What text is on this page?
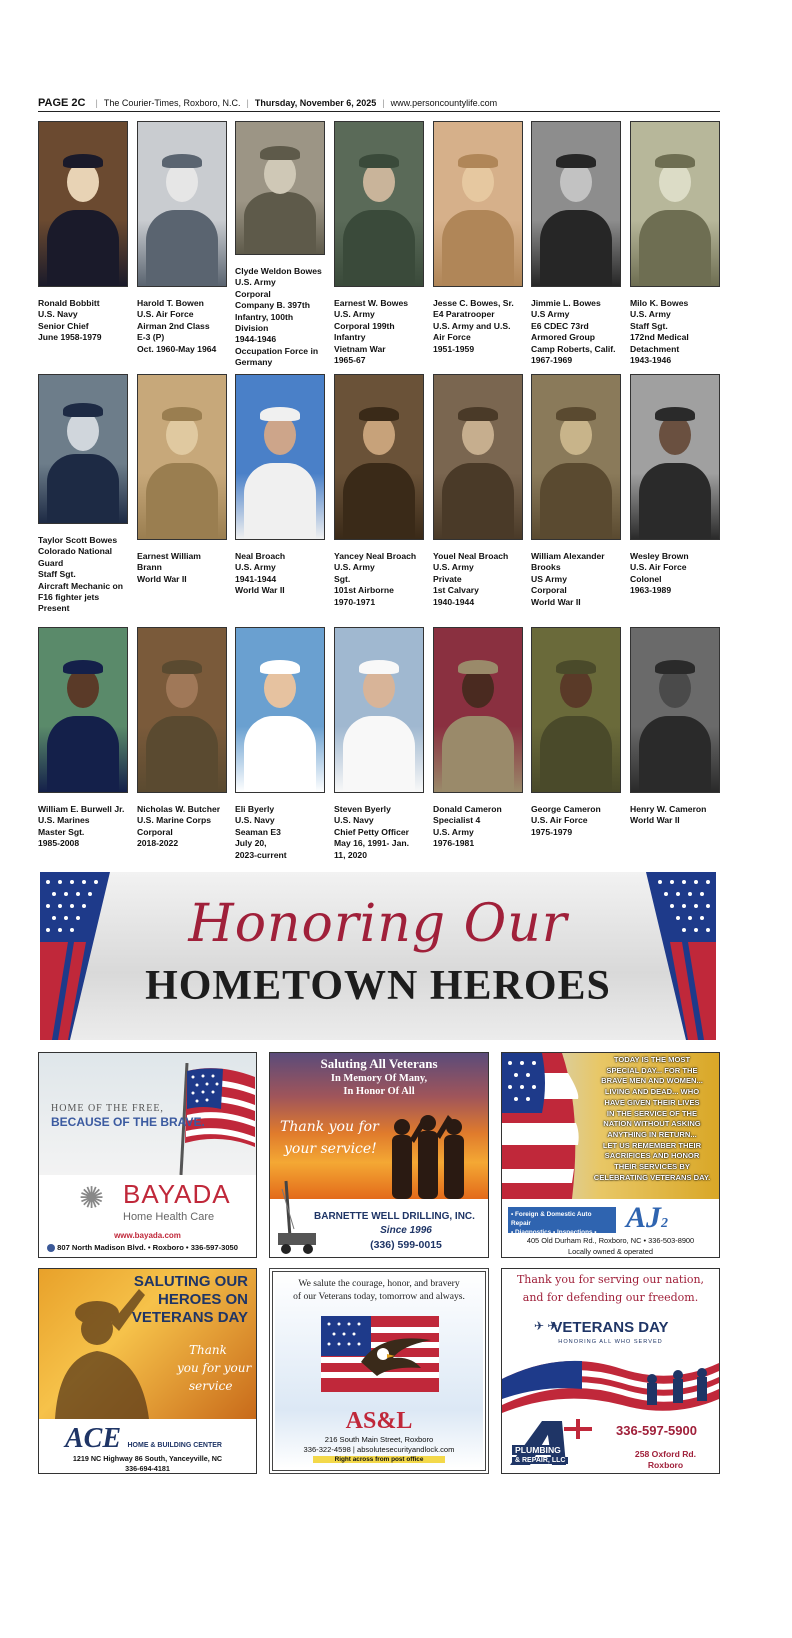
PAGE 2C | The Courier-Times, Roxboro, N.C. | Thursday, November 6, 2025 | www.personcountylife.com
Ronald Bobbitt
U.S. Navy
Senior Chief
June 1958-1979
Harold T. Bowen
U.S. Air Force
Airman 2nd Class
E-3 (P)
Oct. 1960-May 1964
Clyde Weldon Bowes
U.S. Army
Corporal
Company B. 397th
Infantry, 100th
Division
1944-1946
Occupation Force in
Germany
Earnest W. Bowes
U.S. Army
Corporal 199th
Infantry
Vietnam War
1965-67
Jesse C. Bowes, Sr.
E4 Paratrooper
U.S. Army and U.S.
Air Force
1951-1959
Jimmie L. Bowes
U.S Army
E6 CDEC 73rd
Armored Group
Camp Roberts, Calif.
1967-1969
Milo K. Bowes
U.S. Army
Staff Sgt.
172nd Medical
Detachment
1943-1946
Taylor Scott Bowes
Colorado National
Guard
Staff Sgt.
Aircraft Mechanic on
F16 fighter jets
Present
Earnest William
Brann
World War II
Neal Broach
U.S. Army
1941-1944
World War II
Yancey Neal Broach
U.S. Army
Sgt.
101st Airborne
1970-1971
Youel Neal Broach
U.S. Army
Private
1st Calvary
1940-1944
William Alexander
Brooks
US Army
Corporal
World War II
Wesley Brown
U.S. Air Force
Colonel
1963-1989
William E. Burwell Jr.
U.S. Marines
Master Sgt.
1985-2008
Nicholas W. Butcher
U.S. Marine Corps
Corporal
2018-2022
Eli Byerly
U.S. Navy
Seaman E3
July 20,
2023-current
Steven Byerly
U.S. Navy
Chief Petty Officer
May 16, 1991- Jan.
11, 2020
Donald Cameron
Specialist 4
U.S. Army
1976-1981
George Cameron
U.S. Air Force
1975-1979
Henry W. Cameron
World War II
Honoring Our
HOMETOWN HEROES
HOME OF THE FREE,
BECAUSE OF THE BRAVE.
✺ BAYADA
Home Health Care
www.bayada.com
807 North Madison Blvd. • Roxboro • 336-597-3050
Saluting All Veterans
In Memory Of Many,
In Honor Of All
Thank you for
your service!
BARNETTE WELL DRILLING, INC.
Since 1996
(336) 599-0015
TODAY IS THE MOST
SPECIAL DAY... FOR THE
BRAVE MEN AND WOMEN...
LIVING AND DEAD... WHO
HAVE GIVEN THEIR LIVES
IN THE SERVICE OF THE
NATION WITHOUT ASKING
ANYTHING IN RETURN...
LET US REMEMBER THEIR
SACRIFICES AND HONOR
THEIR SERVICES BY
CELEBRATING VETERANS DAY.
• Foreign & Domestic Auto Repair
• Diagnostics • Inspections • Tires
AJ2
405 Old Durham Rd., Roxboro, NC • 336-503-8900
Locally owned & operated
SALUTING OUR
HEROES ON
VETERANS DAY
Thank
you for your
service
ACE HOME & BUILDING CENTER
1219 NC Highway 86 South, Yanceyville, NC
336-694-4181
We salute the courage, honor, and bravery
of our Veterans today, tomorrow and always.
AS&L
216 South Main Street, Roxboro
336-322-4598 | absolutesecurityandlock.com
Right across from post office
Thank you for serving our nation,
and for defending our freedom.
✈ ✈
VETERANS DAY
HONORING ALL WHO SERVED
PLUMBING
& REPAIR, LLC
336-597-5900
258 Oxford Rd.
Roxboro
